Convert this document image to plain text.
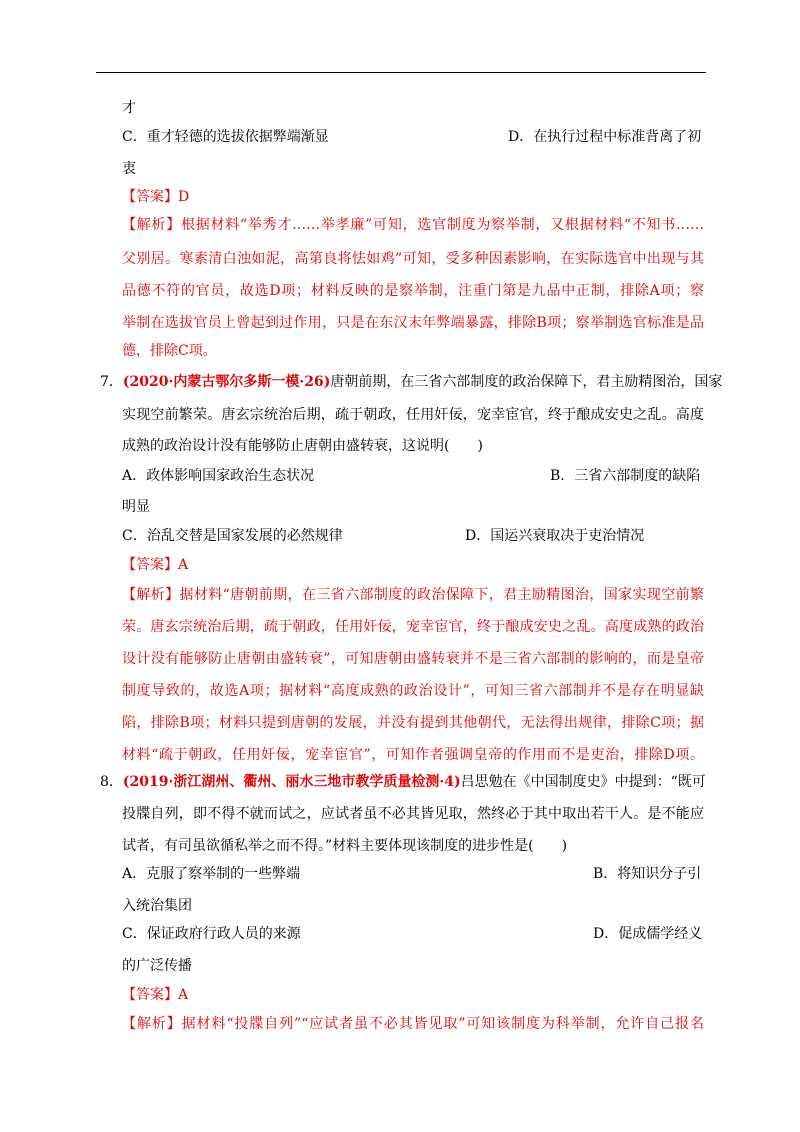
才
C．重才轻德的选拔依据弊端渐显	D．在执行过程中标准背离了初
衷
【答案】D
【解析】根据材料“举秀才……举孝廉”可知，选官制度为察举制，又根据材料“不知书……
父别居。寒素清白浊如泥，高第良将怯如鸡”可知，受多种因素影响，在实际选官中出现与其
品德不符的官员，故选D项；材料反映的是察举制，注重门第是九品中正制，排除A项；察
举制在选拔官员上曾起到过作用，只是在东汉末年弊端暴露，排除B项；察举制选官标准是品
德，排除C项。
7．(2020·内蒙古鄂尔多斯一模·26)唐朝前期，在三省六部制度的政治保障下，君主励精图治，国家
实现空前繁荣。唐玄宗统治后期，疏于朝政，任用奸佞，宠幸宦官，终于酿成安史之乱。高度
成熟的政治设计没有能够防止唐朝由盛转衰，这说明(　　)
A．政体影响国家政治生态状况	B．三省六部制度的缺陷
明显
C．治乱交替是国家发展的必然规律	D．国运兴衰取决于吏治情况
【答案】A
【解析】据材料“唐朝前期，在三省六部制度的政治保障下，君主励精图治，国家实现空前繁
荣。唐玄宗统治后期，疏于朝政，任用奸佞，宠幸宦官，终于酿成安史之乱。高度成熟的政治
设计没有能够防止唐朝由盛转衰”，可知唐朝由盛转衰并不是三省六部制的影响的，而是皇帝
制度导致的，故选A项；据材料“高度成熟的政治设计”，可知三省六部制并不是存在明显缺
陷，排除B项；材料只提到唐朝的发展，并没有提到其他朝代，无法得出规律，排除C项；据
材料“疏于朝政，任用奸佞，宠幸宦官”，可知作者强调皇帝的作用而不是吏治，排除D项。
8．(2019·浙江湖州、衢州、丽水三地市教学质量检测·4)吕思勉在《中国制度史》中提到：“既可
投牒自列，即不得不就而试之，应试者虽不必其皆见取，然终必于其中取出若干人。是不能应
试者，有司虽欲循私举之而不得。”材料主要体现该制度的进步性是(　　)
A．克服了察举制的一些弊端	B．将知识分子引
入统治集团
C．保证政府行政人员的来源	D．促成儒学经义
的广泛传播
【答案】A
【解析】据材料“投牒自列”“应试者虽不必其皆见取”可知该制度为科举制，允许自己报名
